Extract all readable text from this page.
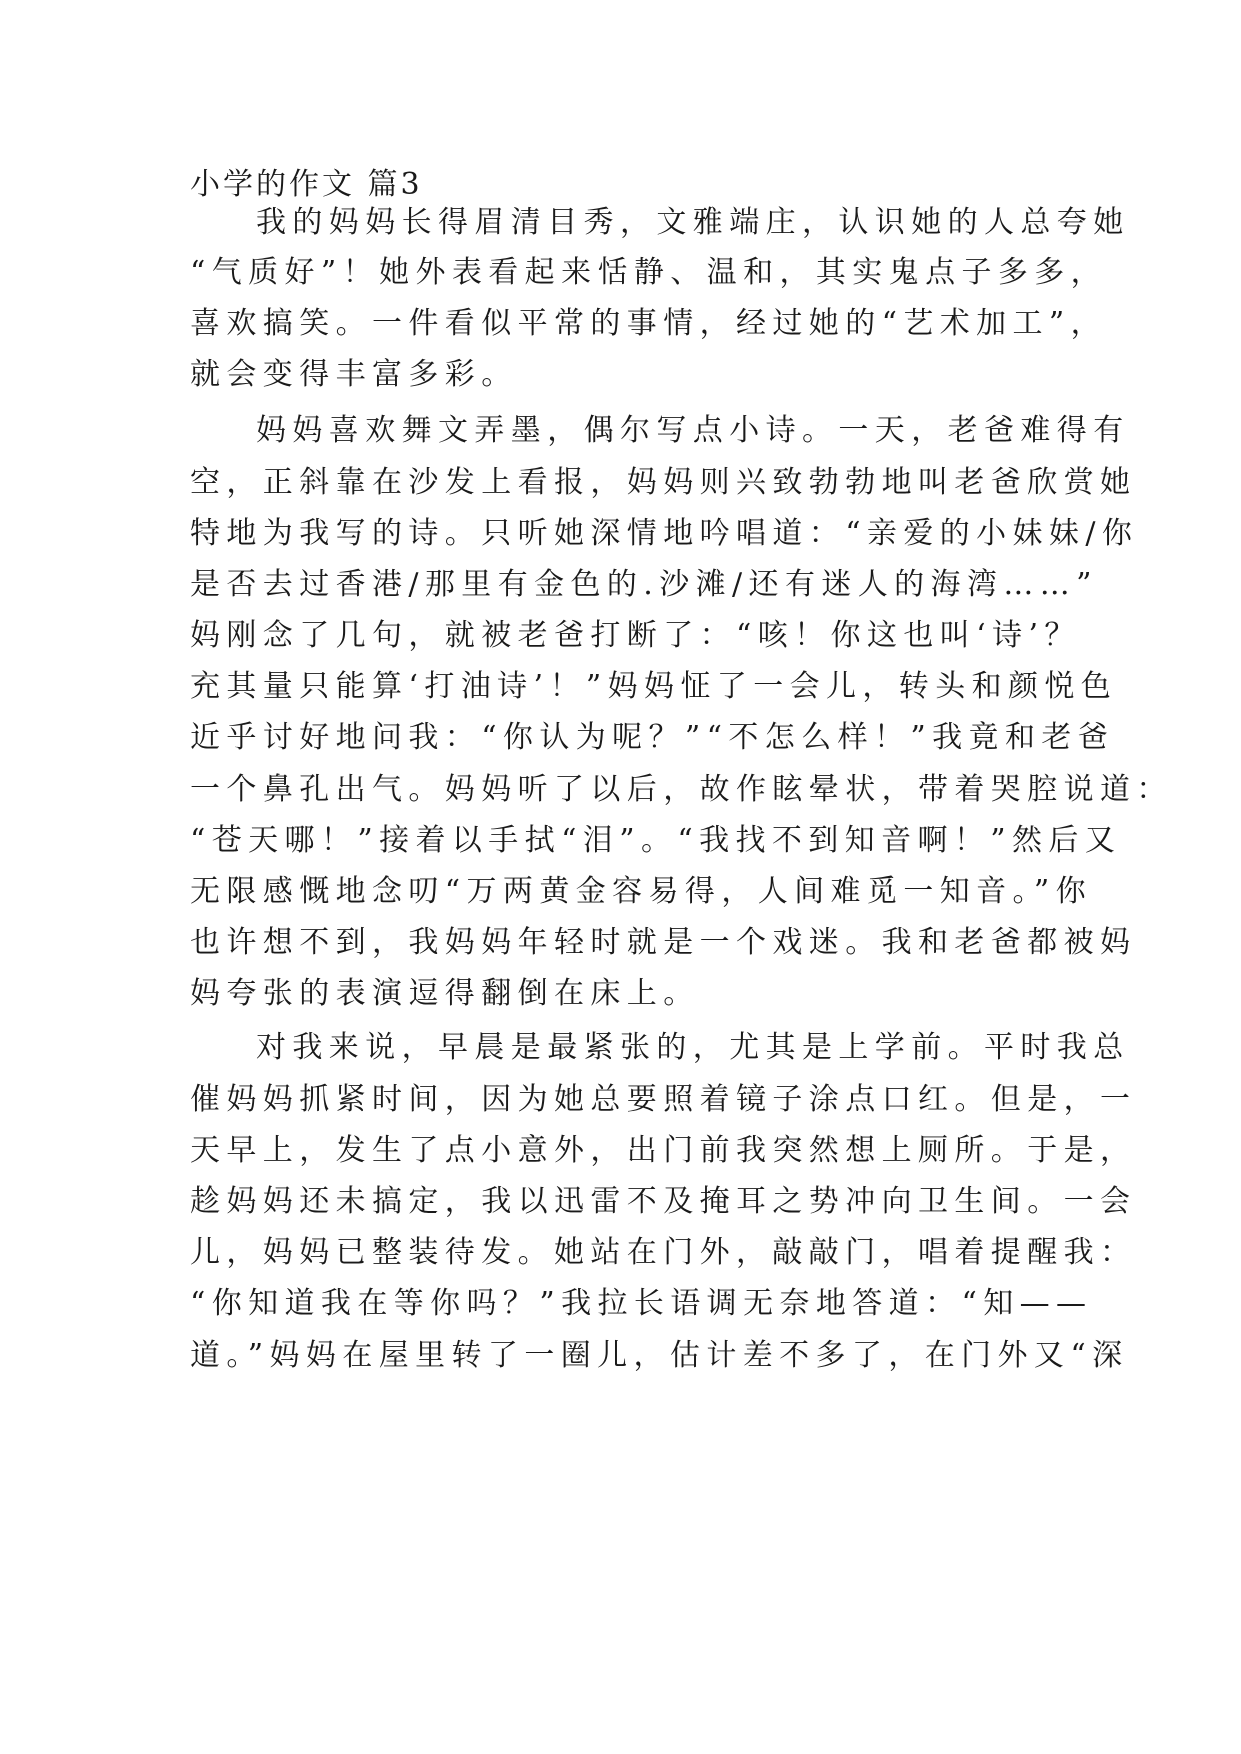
小学的作文 篇3

我的妈妈长得眉清目秀，文雅端庄，认识她的人总夸她

“气质好”！她外表看起来恬静、温和，其实鬼点子多多，

喜欢搞笑。一件看似平常的事情，经过她的“艺术加工”，

就会变得丰富多彩。

妈妈喜欢舞文弄墨，偶尔写点小诗。一天，老爸难得有

空，正斜靠在沙发上看报，妈妈则兴致勃勃地叫老爸欣赏她

特地为我写的诗。只听她深情地吟唱道：“亲爱的小妹妹/你

是否去过香港/那里有金色的.沙滩/还有迷人的海湾……”

妈刚念了几句，就被老爸打断了：“咳！你这也叫‘诗’？

充其量只能算‘打油诗’！”妈妈怔了一会儿，转头和颜悦色

近乎讨好地问我：“你认为呢？”“不怎么样！”我竟和老爸

一个鼻孔出气。妈妈听了以后，故作眩晕状，带着哭腔说道：

“苍天哪！”接着以手拭“泪”。“我找不到知音啊！”然后又

无限感慨地念叨“万两黄金容易得，人间难觅一知音。”你

也许想不到，我妈妈年轻时就是一个戏迷。我和老爸都被妈

妈夸张的表演逗得翻倒在床上。

对我来说，早晨是最紧张的，尤其是上学前。平时我总

催妈妈抓紧时间，因为她总要照着镜子涂点口红。但是，一

天早上，发生了点小意外，出门前我突然想上厕所。于是，

趁妈妈还未搞定，我以迅雷不及掩耳之势冲向卫生间。一会

儿，妈妈已整装待发。她站在门外，敲敲门，唱着提醒我：

“你知道我在等你吗？”我拉长语调无奈地答道：“知——

道。”妈妈在屋里转了一圈儿，估计差不多了，在门外又“深
